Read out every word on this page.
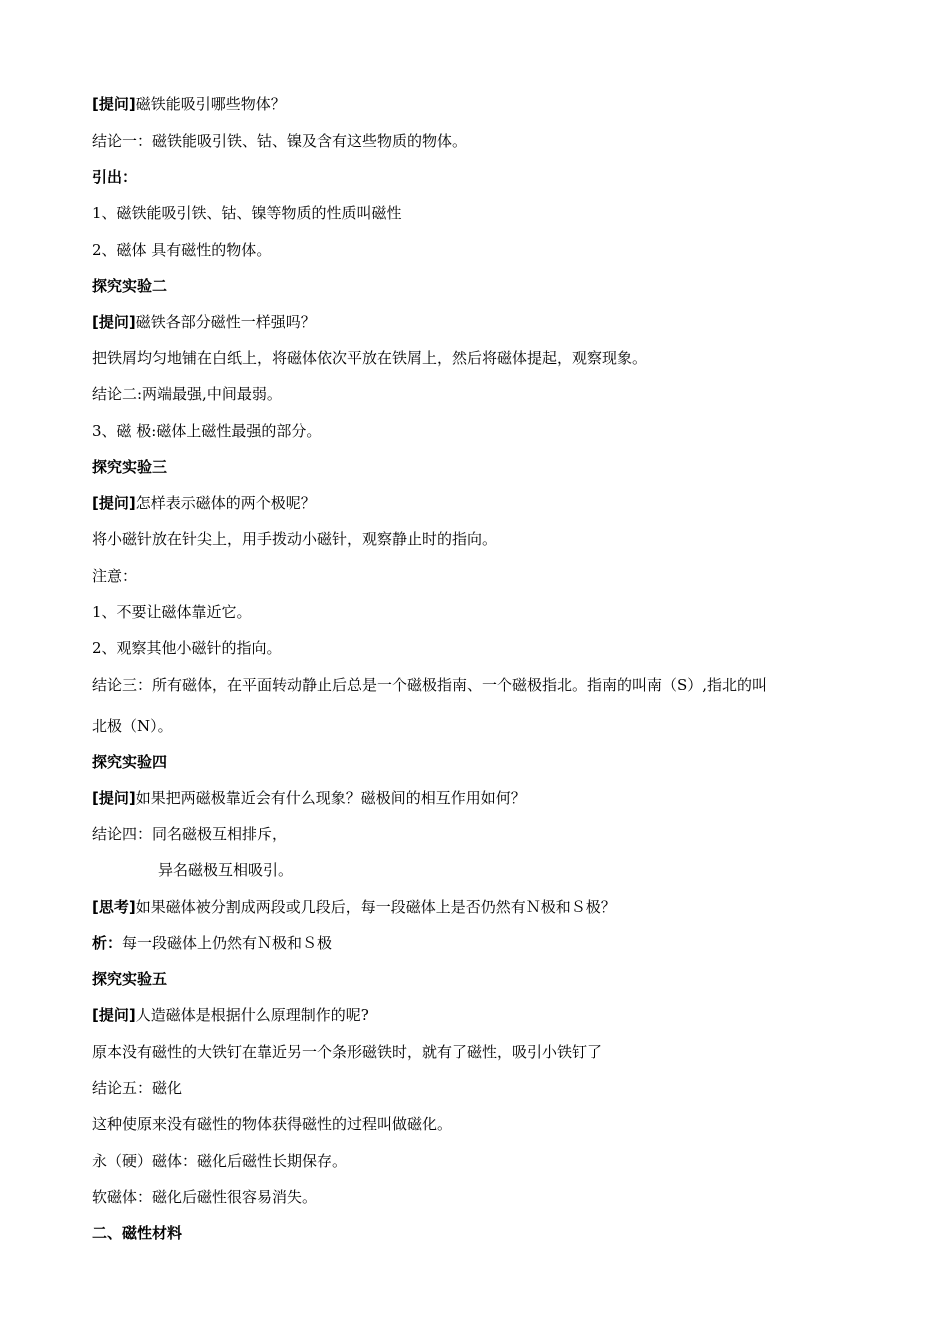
[提问]磁铁能吸引哪些物体？
结论一：磁铁能吸引铁、钴、镍及含有这些物质的物体。
引出：
1、磁铁能吸引铁、钴、镍等物质的性质叫磁性
2、磁体 具有磁性的物体。
探究实验二
[提问]磁铁各部分磁性一样强吗？
把铁屑均匀地铺在白纸上，将磁体依次平放在铁屑上，然后将磁体提起，观察现象。
结论二:两端最强,中间最弱。
3、磁 极:磁体上磁性最强的部分。
探究实验三
[提问]怎样表示磁体的两个极呢？
将小磁针放在针尖上，用手拨动小磁针，观察静止时的指向。
注意：
1、不要让磁体靠近它。
2、观察其他小磁针的指向。
结论三：所有磁体，在平面转动静止后总是一个磁极指南、一个磁极指北。指南的叫南（S）,指北的叫
北极（N）。
探究实验四
[提问]如果把两磁极靠近会有什么现象？磁极间的相互作用如何？
结论四：同名磁极互相排斥，
异名磁极互相吸引。
[思考]如果磁体被分割成两段或几段后，每一段磁体上是否仍然有Ｎ极和Ｓ极？
析：每一段磁体上仍然有Ｎ极和Ｓ极
探究实验五
[提问]人造磁体是根据什么原理制作的呢?
原本没有磁性的大铁钉在靠近另一个条形磁铁时，就有了磁性，吸引小铁钉了
结论五：磁化
这种使原来没有磁性的物体获得磁性的过程叫做磁化。
永（硬）磁体：磁化后磁性长期保存。
软磁体：磁化后磁性很容易消失。
二、磁性材料
